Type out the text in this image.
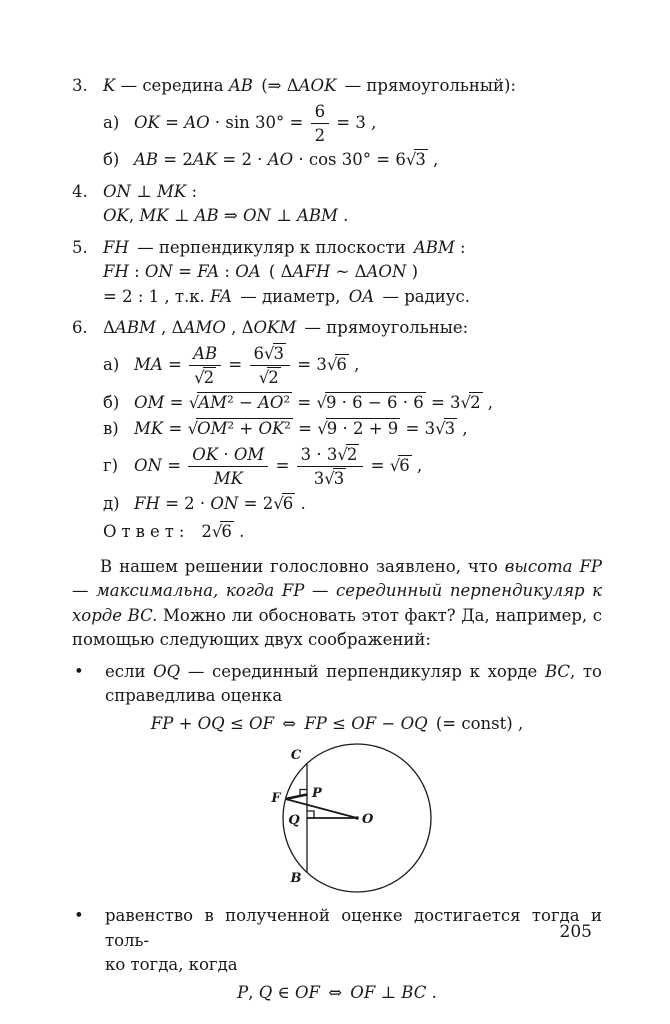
3. K — середина AB (⇒ ΔAOK — прямоугольный):
а) OK = AO · $\sin 30^\circ = \frac{6}{2} = 3$ ,
б) AB = 2AK = 2 · AO · cos 30° = 6√3 ,
4. ON ⊥ MK :
OK, MK ⊥ AB ⇒ ON ⊥ ABM .
5. FH — перпендикуляр к плоскости ABM :
FH : ON = FA : OA ( ΔAFH ~ ΔAON )
= 2 : 1 , т.к. FA — диаметр, OA — радиус.
6. ΔABM , ΔAMO , ΔOKM — прямоугольные:
а) MA = $\frac{AB}{√2} = \frac{6√3}{√2} = 3√6$ ,
б) OM = √AM² − AO² = √9 · 6 − 6 · 6 = 3√2 ,
в) MK = √OM² + OK² = √9 · 2 + 9 = 3√3 ,
г) ON = $\frac{OK \cdot OM}{MK} = \frac{3 \cdot 3√2}{3√3} = √6$ ,
д) FH = 2 · ON = 2√6 .
Ответ: 2√6 .
В нашем решении голословно заявлено, что высота FP
— максимальна, когда FP — серединный перпендикуляр к
хорде BC. Можно ли обосновать этот факт? Да, например, с
помощью следующих двух соображений:
•	если OQ — серединный перпендикуляр к хорде BC, то
справедлива оценка
FP + OQ ≤ OF ⇔ FP ≤ OF − OQ (= const) ,
C
F P
Q	O
B
•	равенство в полученной оценке достигается тогда и толь-
ко тогда, когда
P, Q ∈ OF ⇔ OF ⊥ BC .
205
